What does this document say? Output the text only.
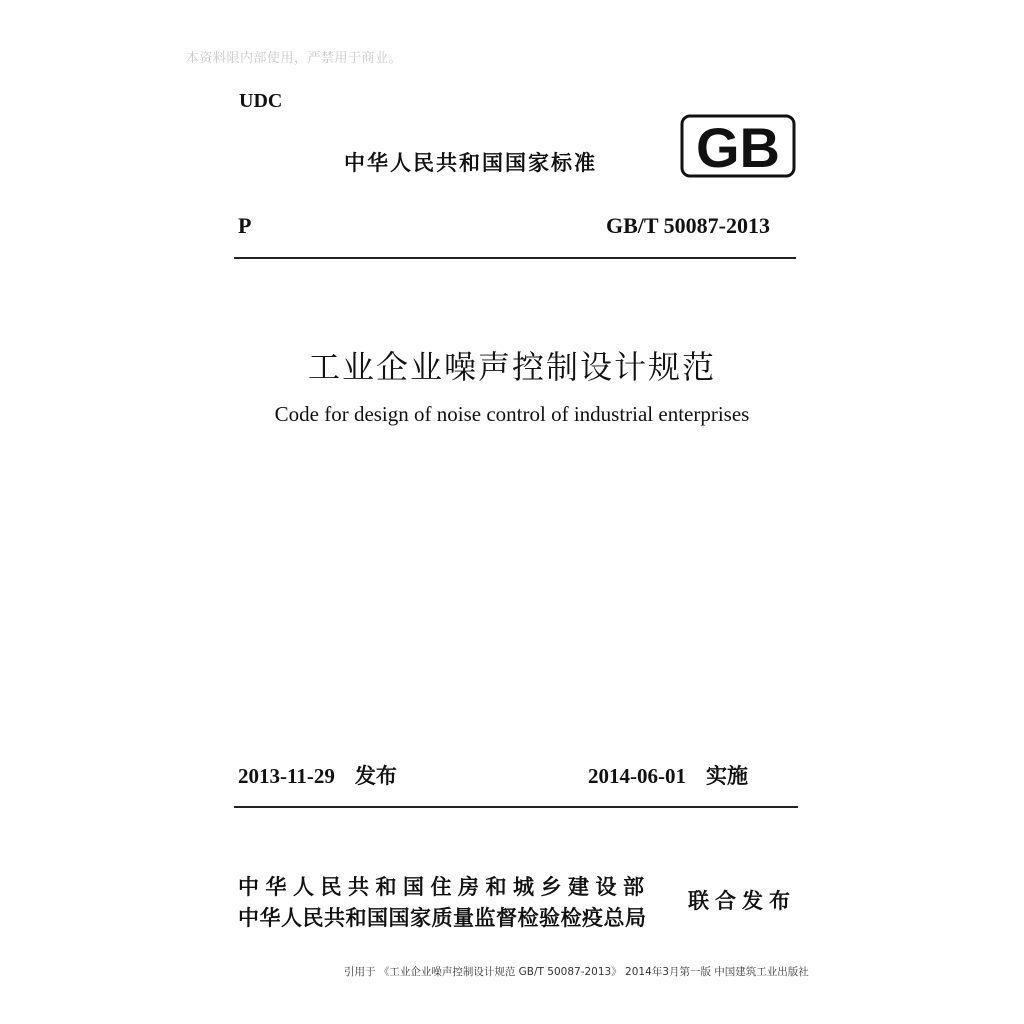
本资料限内部使用，严禁用于商业。
UDC
中华人民共和国国家标准 GB
P	GB/T 50087-2013
工业企业噪声控制设计规范
Code for design of noise control of industrial enterprises
2013-11-29 发布	2014-06-01 实施
中华人民共和国住房和城乡建设部
中华人民共和国国家质量监督检验检疫总局
联合发布
引用于 《工业企业噪声控制设计规范 GB/T 50087-2013》 2014年3月第一版 中国建筑工业出版社
